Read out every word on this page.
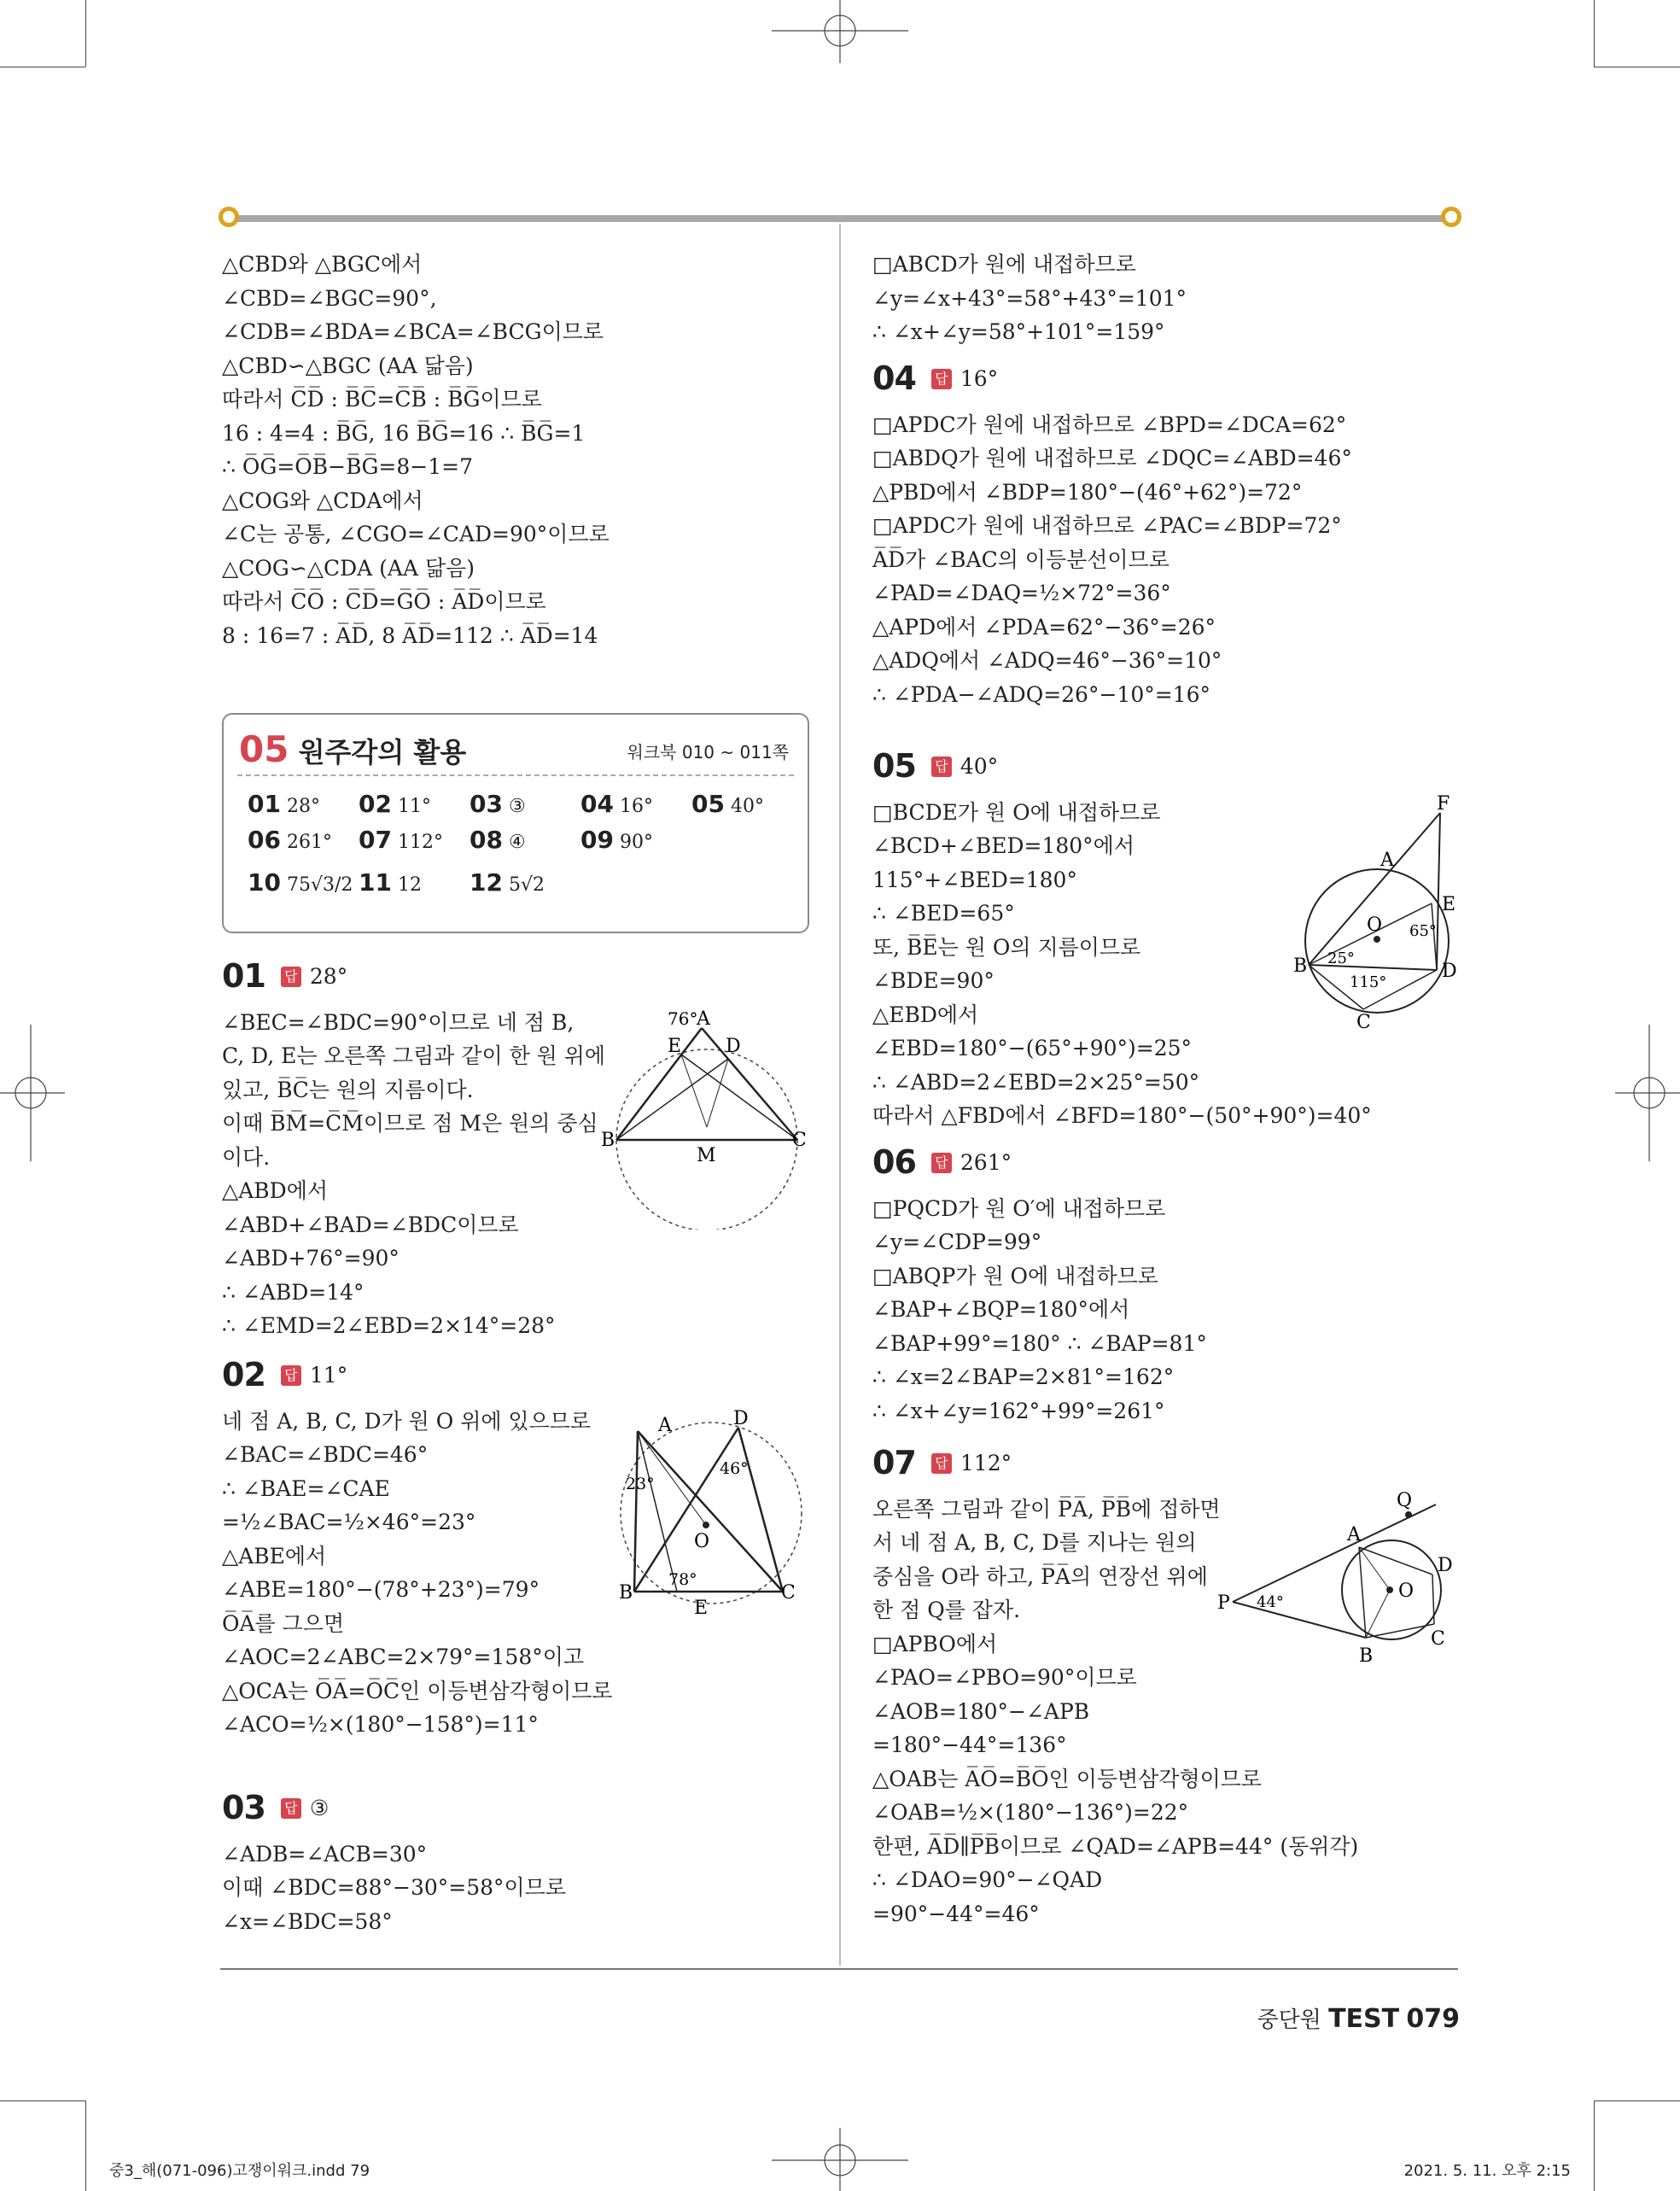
△CBD와 △BGC에서
∠CBD=∠BGC=90°,
∠CDB=∠BDA=∠BCA=∠BCG이므로
△CBD∽△BGC (AA 닮음)
따라서 C̅D̅ : B̅C̅=C̅B̅ : B̅G̅이므로
16 : 4=4 : B̅G̅, 16 B̅G̅=16 ∴ B̅G̅=1
∴ O̅G̅=O̅B̅−B̅G̅=8−1=7
△COG와 △CDA에서
∠C는 공통, ∠CGO=∠CAD=90°이므로
△COG∽△CDA (AA 닮음)
따라서 C̅O̅ : C̅D̅=G̅O̅ : A̅D̅이므로
8 : 16=7 : A̅D̅, 8 A̅D̅=112 ∴ A̅D̅=14
05 원주각의 활용	워크북 010 ~ 011쪽
01 28° 02 11° 03 ③ 04 16° 05 40°
06 261° 07 112° 08 ④ 09 90°
10 75√3/2 11 12 12 5√2
01 답 28°
∠BEC=∠BDC=90°이므로 네 점 B,
C, D, E는 오른쪽 그림과 같이 한 원 위에
있고, B̅C̅는 원의 지름이다.
이때 B̅M̅=C̅M̅이므로 점 M은 원의 중심
이다.
△ABD에서
∠ABD+∠BAD=∠BDC이므로
∠ABD+76°=90°
∴ ∠ABD=14°
∴ ∠EMD=2∠EBD=2×14°=28°
76°
A
E D
B
M
C
02 답 11°
네 점 A, B, C, D가 원 O 위에 있으므로
∠BAC=∠BDC=46°
∴ ∠BAE=∠CAE
=½∠BAC=½×46°=23°
△ABE에서
∠ABE=180°−(78°+23°)=79°
O̅A̅를 그으면
∠AOC=2∠ABC=2×79°=158°이고
△OCA는 O̅A̅=O̅C̅인 이등변삼각형이므로
∠ACO=½×(180°−158°)=11°
A	D
23°
46°
O
78°
B
E
C
03 답 ③
∠ADB=∠ACB=30°
이때 ∠BDC=88°−30°=58°이므로
∠x=∠BDC=58°
□ABCD가 원에 내접하므로
∠y=∠x+43°=58°+43°=101°
∴ ∠x+∠y=58°+101°=159°
04 답 16°
□APDC가 원에 내접하므로 ∠BPD=∠DCA=62°
□ABDQ가 원에 내접하므로 ∠DQC=∠ABD=46°
△PBD에서 ∠BDP=180°−(46°+62°)=72°
□APDC가 원에 내접하므로 ∠PAC=∠BDP=72°
A̅D̅가 ∠BAC의 이등분선이므로
∠PAD=∠DAQ=½×72°=36°
△APD에서 ∠PDA=62°−36°=26°
△ADQ에서 ∠ADQ=46°−36°=10°
∴ ∠PDA−∠ADQ=26°−10°=16°
05 답 40°
□BCDE가 원 O에 내접하므로
∠BCD+∠BED=180°에서
115°+∠BED=180°
∴ ∠BED=65°
또, B̅E̅는 원 O의 지름이므로
∠BDE=90°
△EBD에서
∠EBD=180°−(65°+90°)=25°
∴ ∠ABD=2∠EBD=2×25°=50°
따라서 △FBD에서 ∠BFD=180°−(50°+90°)=40°
F
A
E
O 65°
25°
B	D
115°
C
06 답 261°
□PQCD가 원 O′에 내접하므로
∠y=∠CDP=99°
□ABQP가 원 O에 내접하므로
∠BAP+∠BQP=180°에서
∠BAP+99°=180° ∴ ∠BAP=81°
∴ ∠x=2∠BAP=2×81°=162°
∴ ∠x+∠y=162°+99°=261°
07 답 112°
오른쪽 그림과 같이 P̅A̅, P̅B̅에 접하면
서 네 점 A, B, C, D를 지나는 원의
중심을 O라 하고, P̅A̅의 연장선 위에
한 점 Q를 잡자.
□APBO에서
∠PAO=∠PBO=90°이므로
∠AOB=180°−∠APB
=180°−44°=136°
△OAB는 A̅O̅=B̅O̅인 이등변삼각형이므로
∠OAB=½×(180°−136°)=22°
한편, A̅D̅∥P̅B̅이므로 ∠QAD=∠APB=44° (동위각)
∴ ∠DAO=90°−∠QAD
=90°−44°=46°
Q
A
D
P 44°
O
C
B
중단원 TEST 079
중3_해(071-096)고쟁이워크.indd 79	2021. 5. 11. 오후 2:15
